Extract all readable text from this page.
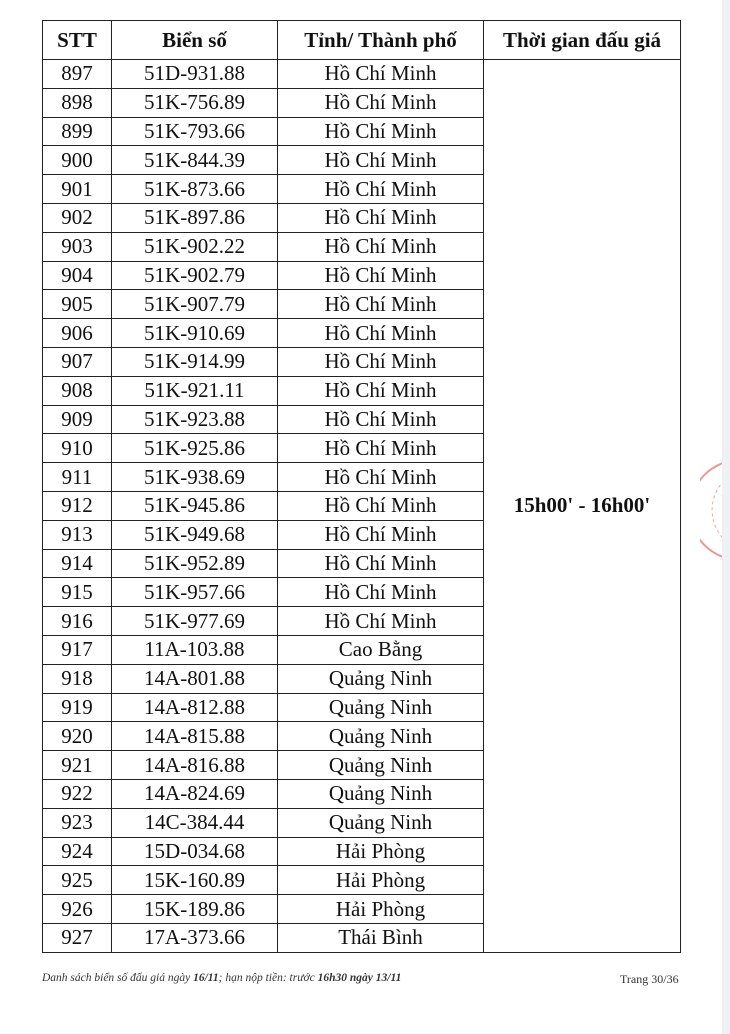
STT	Biển số	Tỉnh/ Thành phố	Thời gian đấu giá
897	51D-931.88	Hồ Chí Minh	15h00' - 16h00'
898	51K-756.89	Hồ Chí Minh	
899	51K-793.66	Hồ Chí Minh	
900	51K-844.39	Hồ Chí Minh	
901	51K-873.66	Hồ Chí Minh	
902	51K-897.86	Hồ Chí Minh	
903	51K-902.22	Hồ Chí Minh	
904	51K-902.79	Hồ Chí Minh	
905	51K-907.79	Hồ Chí Minh	
906	51K-910.69	Hồ Chí Minh	
907	51K-914.99	Hồ Chí Minh	
908	51K-921.11	Hồ Chí Minh	
909	51K-923.88	Hồ Chí Minh	
910	51K-925.86	Hồ Chí Minh	
911	51K-938.69	Hồ Chí Minh	
912	51K-945.86	Hồ Chí Minh	
913	51K-949.68	Hồ Chí Minh	
914	51K-952.89	Hồ Chí Minh	
915	51K-957.66	Hồ Chí Minh	
916	51K-977.69	Hồ Chí Minh	
917	11A-103.88	Cao Bằng	
918	14A-801.88	Quảng Ninh	
919	14A-812.88	Quảng Ninh	
920	14A-815.88	Quảng Ninh	
921	14A-816.88	Quảng Ninh	
922	14A-824.69	Quảng Ninh	
923	14C-384.44	Quảng Ninh	
924	15D-034.68	Hải Phòng	
925	15K-160.89	Hải Phòng	
926	15K-189.86	Hải Phòng	
927	17A-373.66	Thái Bình	
Danh sách biển số đấu giá ngày 16/11; hạn nộp tiền: trước 16h30 ngày 13/11	Trang 30/36
